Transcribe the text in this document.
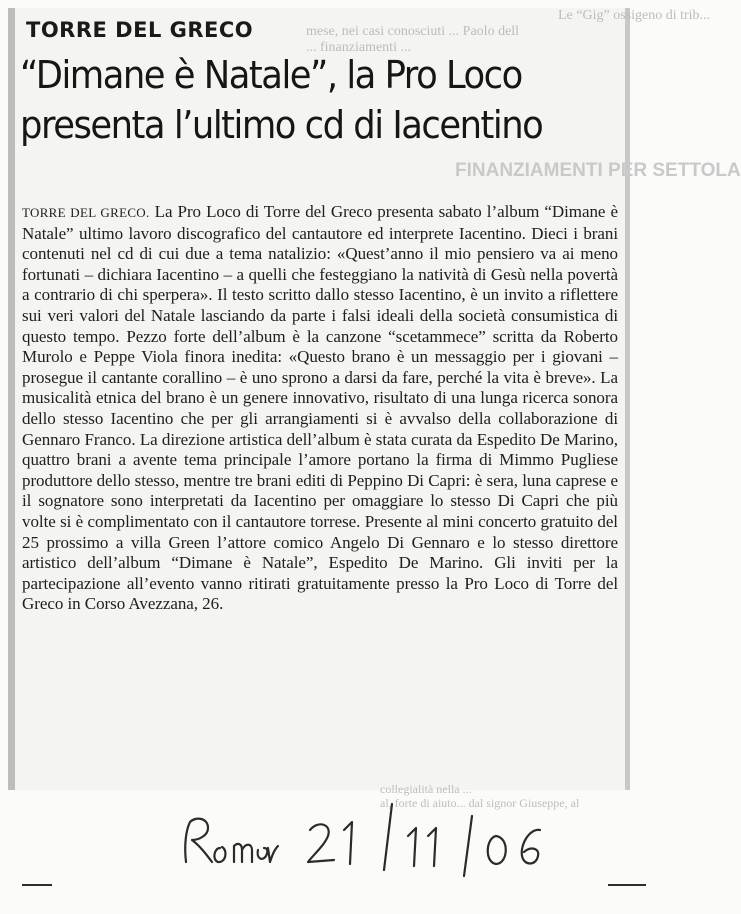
Le “Gig” ossigeno di trib...
mese, nei casi conosciuti ... Paolo dell
... finanziamenti ...
TORRE DEL GRECO
“Dimane è Natale”, la Pro Loco presenta l’ultimo cd di Iacentino
FINANZIAMENTI PER SETTOLA
TORRE DEL GRECO. La Pro Loco di Torre del Greco presenta sabato l’album “Dimane è Natale” ultimo lavoro discografico del cantautore ed interprete Iacentino. Dieci i brani contenuti nel cd di cui due a tema natalizio: «Quest’anno il mio pensiero va ai meno fortunati – dichiara Iacentino – a quelli che festeggiano la natività di Gesù nella povertà a contrario di chi sperpera». Il testo scritto dallo stesso Iacentino, è un invito a riflettere sui veri valori del Natale lasciando da parte i falsi ideali della società consumistica di questo tempo. Pezzo forte dell’album è la canzone “scetammece” scritta da Roberto Murolo e Peppe Viola finora inedita: «Questo brano è un messaggio per i giovani – prosegue il cantante corallino – è uno sprono a darsi da fare, perché la vita è breve». La musicalità etnica del brano è un genere innovativo, risultato di una lunga ricerca sonora dello stesso Iacentino che per gli arrangiamenti si è avvalso della collaborazione di Gennaro Franco. La direzione artistica dell’album è stata curata da Espedito De Marino, quattro brani a avente tema principale l’amore portano la firma di Mimmo Pugliese produttore dello stesso, mentre tre brani editi di Peppino Di Capri: è sera, luna caprese e il sognatore sono interpretati da Iacentino per omaggiare lo stesso Di Capri che più volte si è complimentato con il cantautore torrese. Presente al mini concerto gratuito del 25 prossimo a villa Green l’attore comico Angelo Di Gennaro e lo stesso direttore artistico dell’album “Dimane è Natale”, Espedito De Marino. Gli inviti per la partecipazione all’evento vanno ritirati gratuitamente presso la Pro Loco di Torre del Greco in Corso Avezzana, 26.
collegialità nella ...
al, forte di aiuto... dal signor Giuseppe, al
